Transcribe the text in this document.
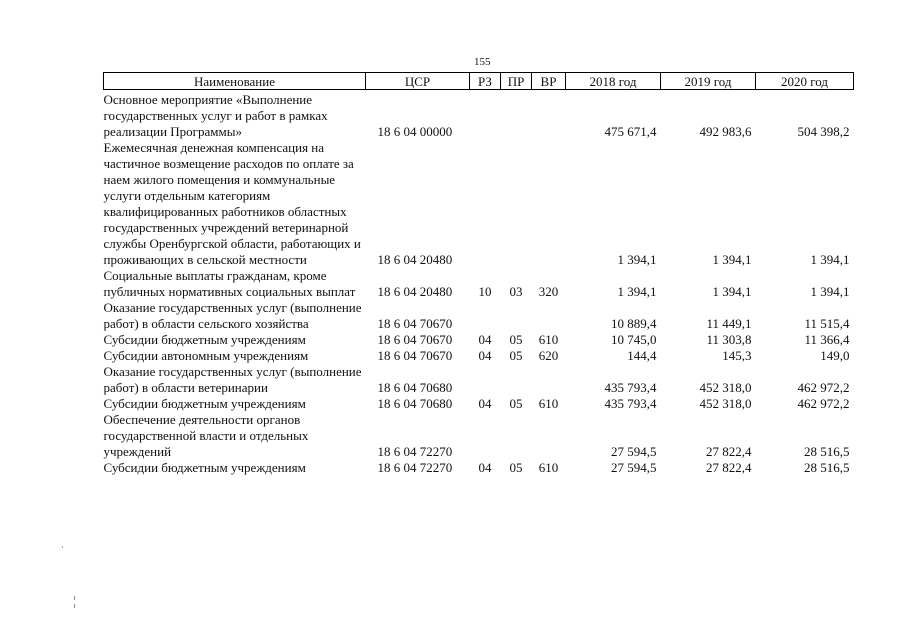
155
Наименование	ЦСР	РЗ	ПР	ВР	2018 год	2019 год	2020 год
Основное мероприятие «Выполнение государственных услуг и работ в рамках реализации Программы»	18 6 04 00000				475 671,4	492 983,6	504 398,2
Ежемесячная денежная компенсация на частичное возмещение расходов по оплате за наем жилого помещения и коммунальные услуги отдельным категориям квалифицированных работников областных государственных учреждений ветеринарной службы Оренбургской области, работающих и проживающих в сельской местности	18 6 04 20480				1 394,1	1 394,1	1 394,1
Социальные выплаты гражданам, кроме публичных нормативных социальных выплат	18 6 04 20480	10	03	320	1 394,1	1 394,1	1 394,1
Оказание государственных услуг (выполнение работ) в области сельского хозяйства	18 6 04 70670				10 889,4	11 449,1	11 515,4
Субсидии бюджетным учреждениям	18 6 04 70670	04	05	610	10 745,0	11 303,8	11 366,4
Субсидии автономным учреждениям	18 6 04 70670	04	05	620	144,4	145,3	149,0
Оказание государственных услуг (выполнение работ) в области ветеринарии	18 6 04 70680				435 793,4	452 318,0	462 972,2
Субсидии бюджетным учреждениям	18 6 04 70680	04	05	610	435 793,4	452 318,0	462 972,2
Обеспечение деятельности органов государственной власти и отдельных учреждений	18 6 04 72270				27 594,5	27 822,4	28 516,5
Субсидии бюджетным учреждениям	18 6 04 72270	04	05	610	27 594,5	27 822,4	28 516,5
